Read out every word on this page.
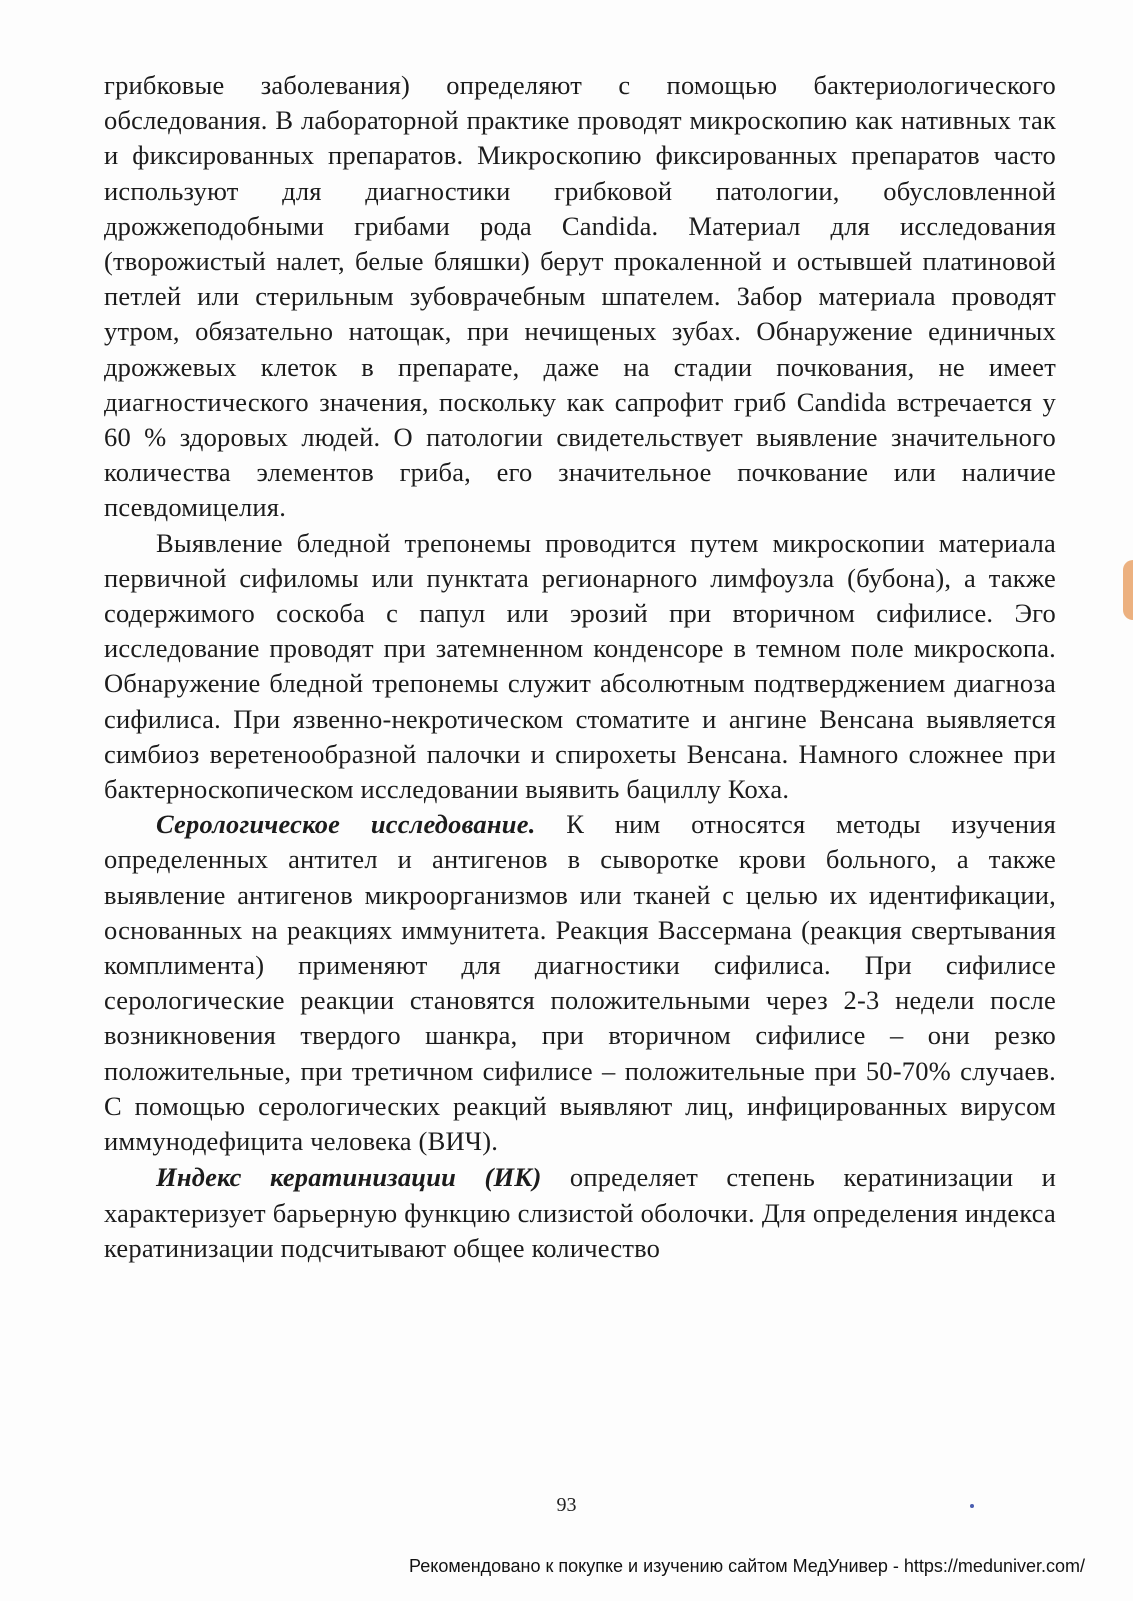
грибковые заболевания) определяют с помощью бактериологического обследования. В лабораторной практике проводят микроскопию как нативных так и фиксированных препаратов. Микроскопию фиксированных препаратов часто используют для диагностики грибковой патологии, обусловленной дрожжеподобными грибами рода Candida. Материал для исследования (творожистый налет, белые бляшки) берут прокаленной и остывшей платиновой петлей или стерильным зубоврачебным шпателем. Забор материала проводят утром, обязательно натощак, при нечищеных зубах. Обнаружение единичных дрожжевых клеток в препарате, даже на стадии почкования, не имеет диагностического значения, поскольку как сапрофит гриб Candida встречается у 60 % здоровых людей. О патологии свидетельствует выявление значительного количества элементов гриба, его значительное почкование или наличие псевдомицелия.

Выявление бледной трепонемы проводится путем микроскопии материала первичной сифиломы или пунктата регионарного лимфоузла (бубона), а также содержимого соскоба с папул или эрозий при вторичном сифилисе. Эго исследование проводят при затемненном конденсоре в темном поле микроскопа. Обнаружение бледной трепонемы служит абсолютным подтверджением диагноза сифилиса. При язвенно-некротическом стоматите и ангине Венсана выявляется симбиоз веретенообразной палочки и спирохеты Венсана. Намного сложнее при бактерноскопическом исследовании выявить бациллу Коха.

Серологическое исследование. К ним относятся методы изучения определенных антител и антигенов в сыворотке крови больного, а также выявление антигенов микроорганизмов или тканей с целью их идентификации, основанных на реакциях иммунитета. Реакция Вассермана (реакция свертывания комплимента) применяют для диагностики сифилиса. При сифилисе серологические реакции становятся положительными через 2-3 недели после возникновения твердого шанкра, при вторичном сифилисе – они резко положительные, при третичном сифилисе – положительные при 50-70% случаев. С помощью серологических реакций выявляют лиц, инфицированных вирусом иммунодефицита человека (ВИЧ).

Индекс кератинизации (ИК) определяет степень кератинизации и характеризует барьерную функцию слизистой оболочки. Для определения индекса кератинизации подсчитывают общее количество

93
Рекомендовано к покупке и изучению сайтом МедУнивер - https://meduniver.com/
